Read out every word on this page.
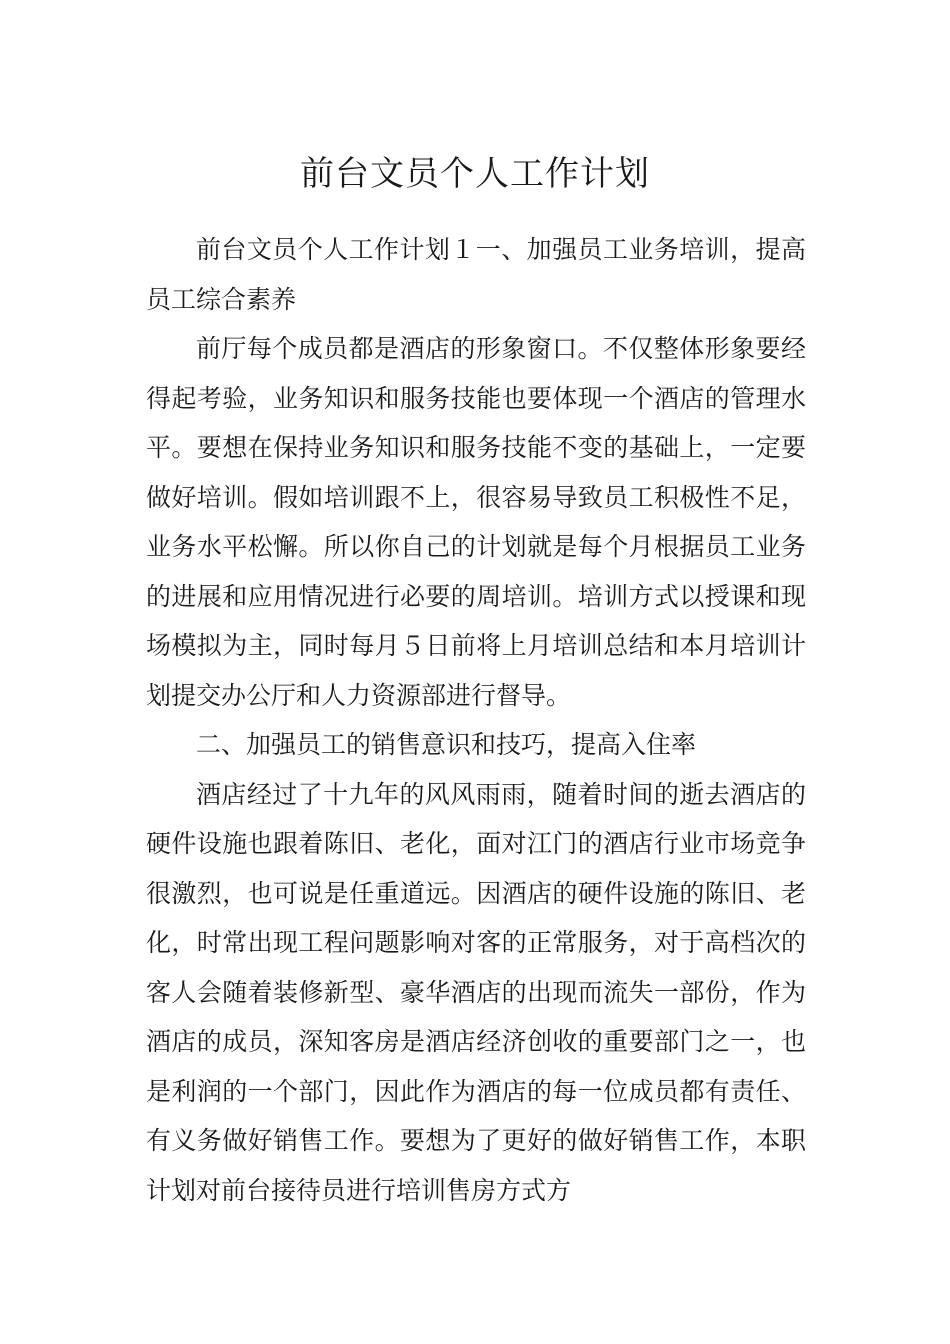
前台文员个人工作计划

前台文员个人工作计划１一、加强员工业务培训，提高员工综合素养

前厅每个成员都是酒店的形象窗口。不仅整体形象要经得起考验，业务知识和服务技能也要体现一个酒店的管理水平。要想在保持业务知识和服务技能不变的基础上，一定要做好培训。假如培训跟不上，很容易导致员工积极性不足，业务水平松懈。所以你自己的计划就是每个月根据员工业务的进展和应用情况进行必要的周培训。培训方式以授课和现场模拟为主，同时每月５日前将上月培训总结和本月培训计划提交办公厅和人力资源部进行督导。

二、加强员工的销售意识和技巧，提高入住率

酒店经过了十九年的风风雨雨，随着时间的逝去酒店的硬件设施也跟着陈旧、老化，面对江门的酒店行业市场竞争很激烈，也可说是任重道远。因酒店的硬件设施的陈旧、老化，时常出现工程问题影响对客的正常服务，对于高档次的客人会随着装修新型、豪华酒店的出现而流失一部份，作为酒店的成员，深知客房是酒店经济创收的重要部门之一，也是利润的一个部门，因此作为酒店的每一位成员都有责任、有义务做好销售工作。要想为了更好的做好销售工作，本职计划对前台接待员进行培训售房方式方
